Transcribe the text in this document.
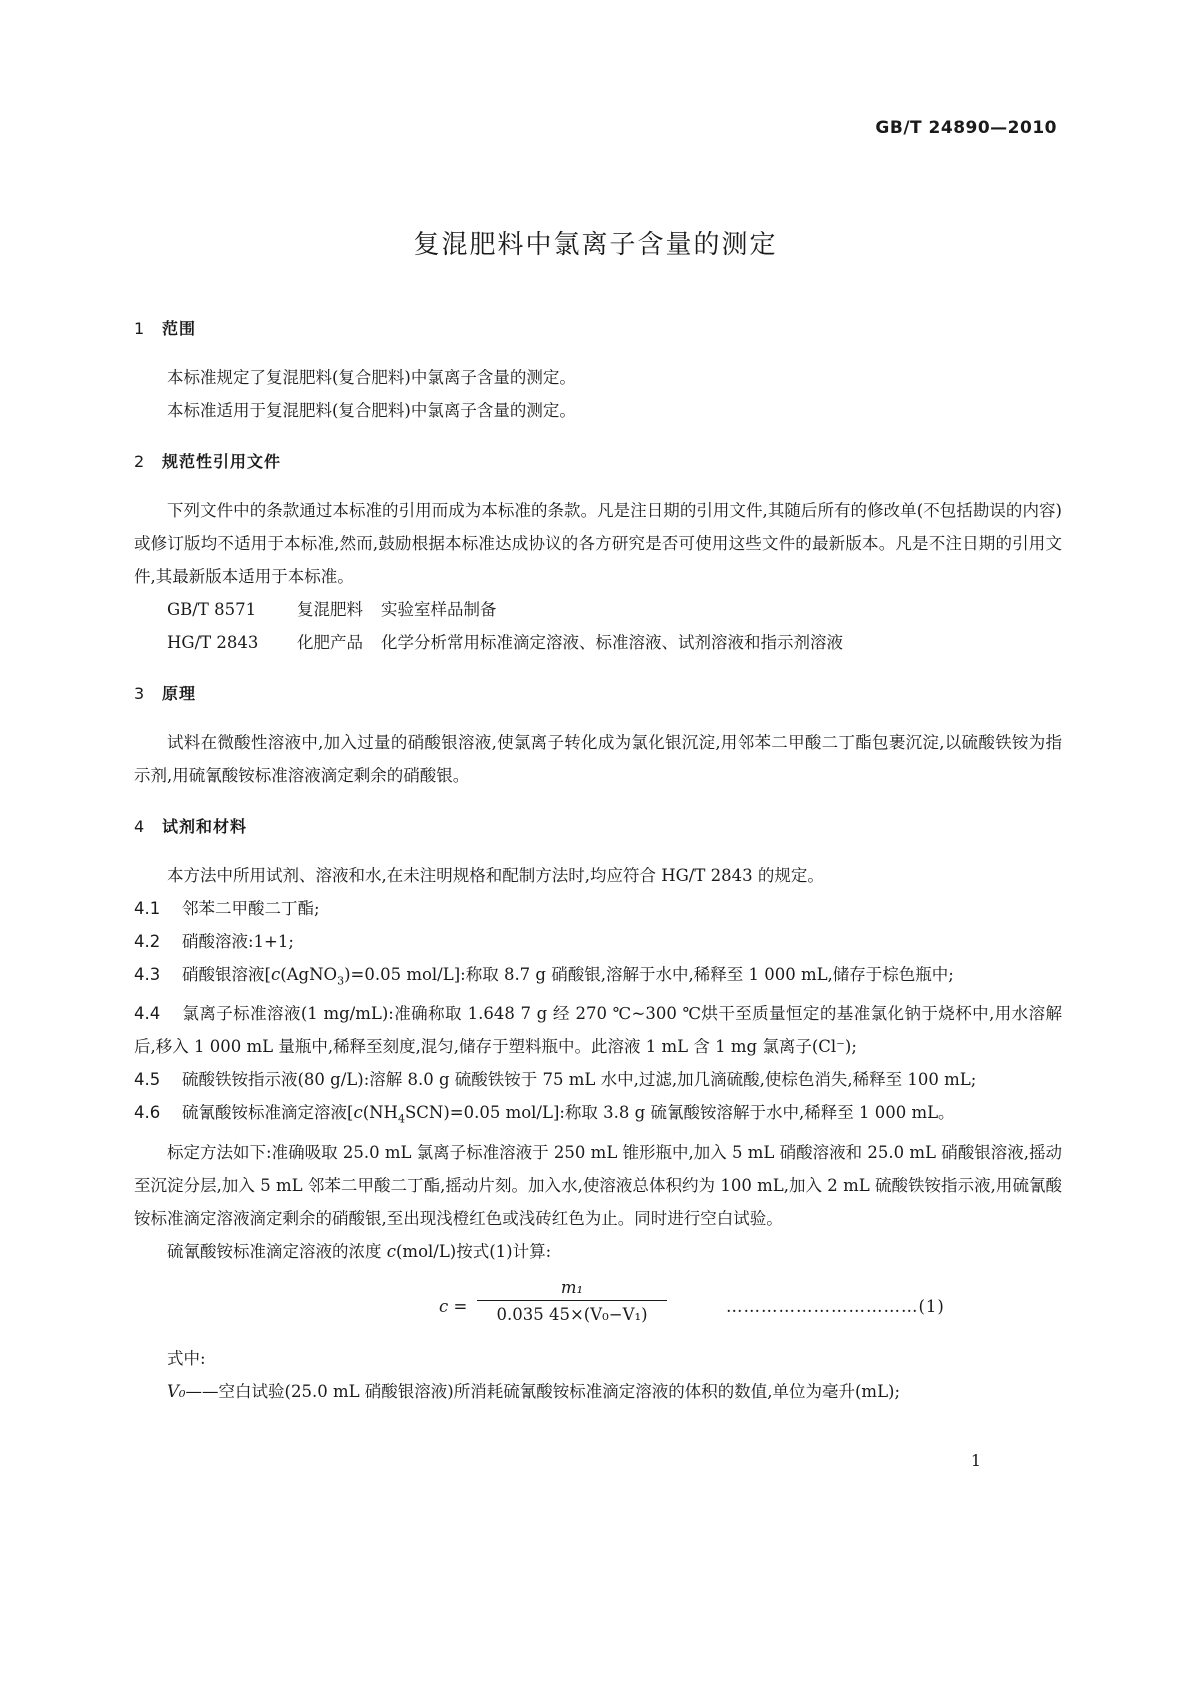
GB/T 24890—2010
复混肥料中氯离子含量的测定
1 范围

本标准规定了复混肥料(复合肥料)中氯离子含量的测定。

本标准适用于复混肥料(复合肥料)中氯离子含量的测定。

2 规范性引用文件

下列文件中的条款通过本标准的引用而成为本标准的条款。凡是注日期的引用文件,其随后所有的修改单(不包括勘误的内容)或修订版均不适用于本标准,然而,鼓励根据本标准达成协议的各方研究是否可使用这些文件的最新版本。凡是不注日期的引用文件,其最新版本适用于本标准。

GB/T 8571 复混肥料 实验室样品制备

HG/T 2843 化肥产品 化学分析常用标准滴定溶液、标准溶液、试剂溶液和指示剂溶液

3 原理

试料在微酸性溶液中,加入过量的硝酸银溶液,使氯离子转化成为氯化银沉淀,用邻苯二甲酸二丁酯包裹沉淀,以硫酸铁铵为指示剂,用硫氰酸铵标准溶液滴定剩余的硝酸银。

4 试剂和材料

本方法中所用试剂、溶液和水,在未注明规格和配制方法时,均应符合 HG/T 2843 的规定。

4.1 邻苯二甲酸二丁酯;

4.2 硝酸溶液:1+1;

4.3 硝酸银溶液[c(AgNO$_3$)=0.05 mol/L]:称取 8.7 g 硝酸银,溶解于水中,稀释至 1 000 mL,储存于棕色瓶中;

4.4 氯离子标准溶液(1 mg/mL):准确称取 1.648 7 g 经 270 ℃~300 ℃烘干至质量恒定的基准氯化钠于烧杯中,用水溶解后,移入 1 000 mL 量瓶中,稀释至刻度,混匀,储存于塑料瓶中。此溶液 1 mL 含 1 mg 氯离子(Cl⁻);

4.5 硫酸铁铵指示液(80 g/L):溶解 8.0 g 硫酸铁铵于 75 mL 水中,过滤,加几滴硫酸,使棕色消失,稀释至 100 mL;

4.6 硫氰酸铵标准滴定溶液[$c(NH_4SCN)=0.05$ mol/L]:称取 3.8 g 硫氰酸铵溶解于水中,稀释至 1 000 mL。

标定方法如下:准确吸取 25.0 mL 氯离子标准溶液于 250 mL 锥形瓶中,加入 5 mL 硝酸溶液和 25.0 mL 硝酸银溶液,摇动至沉淀分层,加入 5 mL 邻苯二甲酸二丁酯,摇动片刻。加入水,使溶液总体积约为 100 mL,加入 2 mL 硫酸铁铵指示液,用硫氰酸铵标准滴定溶液滴定剩余的硝酸银,至出现浅橙红色或浅砖红色为止。同时进行空白试验。

硫氰酸铵标准滴定溶液的浓度 c(mol/L)按式(1)计算:

$c = \frac{\text{m₁}}{\text{0.035 45×(V₀−V₁)}}$	……………………………(1)

式中:

V₀——空白试验(25.0 mL 硝酸银溶液)所消耗硫氰酸铵标准滴定溶液的体积的数值,单位为毫升(mL);

1
